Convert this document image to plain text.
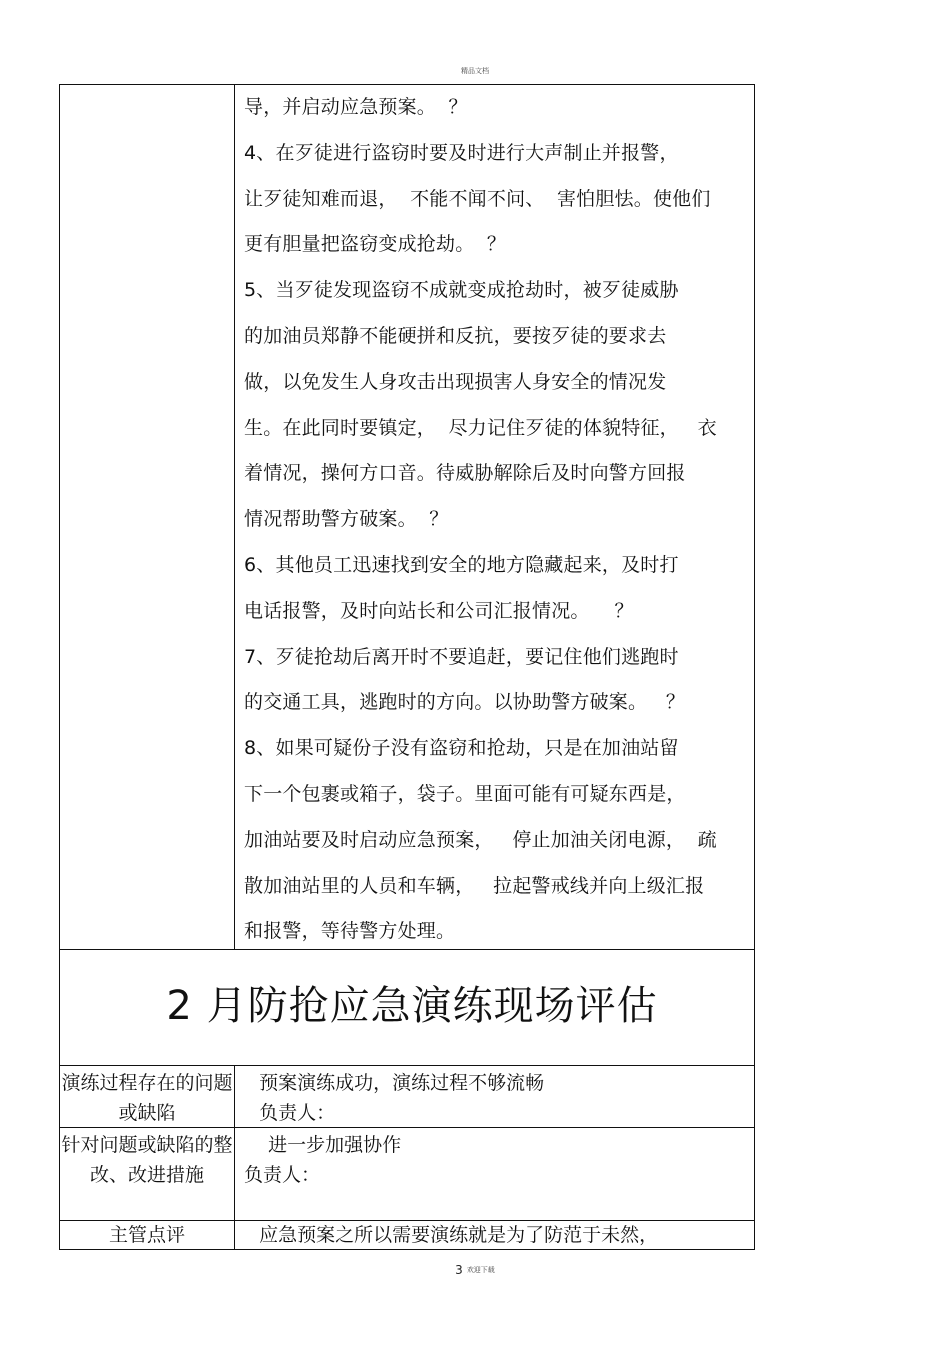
精品文档
导，并启动应急预案。  ？
4、在歹徒进行盗窃时要及时进行大声制止并报警，
让歹徒知难而退，  不能不闻不问、  害怕胆怯。使他们
更有胆量把盗窃变成抢劫。  ？
5、当歹徒发现盗窃不成就变成抢劫时，被歹徒威胁
的加油员郑静不能硬拼和反抗，要按歹徒的要求去
做，以免发生人身攻击出现损害人身安全的情况发
生。在此同时要镇定，  尽力记住歹徒的体貌特征，   衣
着情况，操何方口音。待威胁解除后及时向警方回报
情况帮助警方破案。  ？
6、其他员工迅速找到安全的地方隐藏起来，及时打
电话报警，及时向站长和公司汇报情况。    ？
7、歹徒抢劫后离开时不要追赶，要记住他们逃跑时
的交通工具，逃跑时的方向。以协助警方破案。   ？
8、如果可疑份子没有盗窃和抢劫，只是在加油站留
下一个包裹或箱子，袋子。里面可能有可疑东西是，
加油站要及时启动应急预案，   停止加油关闭电源，  疏
散加油站里的人员和车辆，   拉起警戒线并向上级汇报
和报警，等待警方处理。
2 月防抢应急演练现场评估
演练过程存在的问题或缺陷
预案演练成功，演练过程不够流畅
负责人：
针对问题或缺陷的整改、改进措施
进一步加强协作
负责人：
主管点评	应急预案之所以需要演练就是为了防范于未然，
3 欢迎下载
